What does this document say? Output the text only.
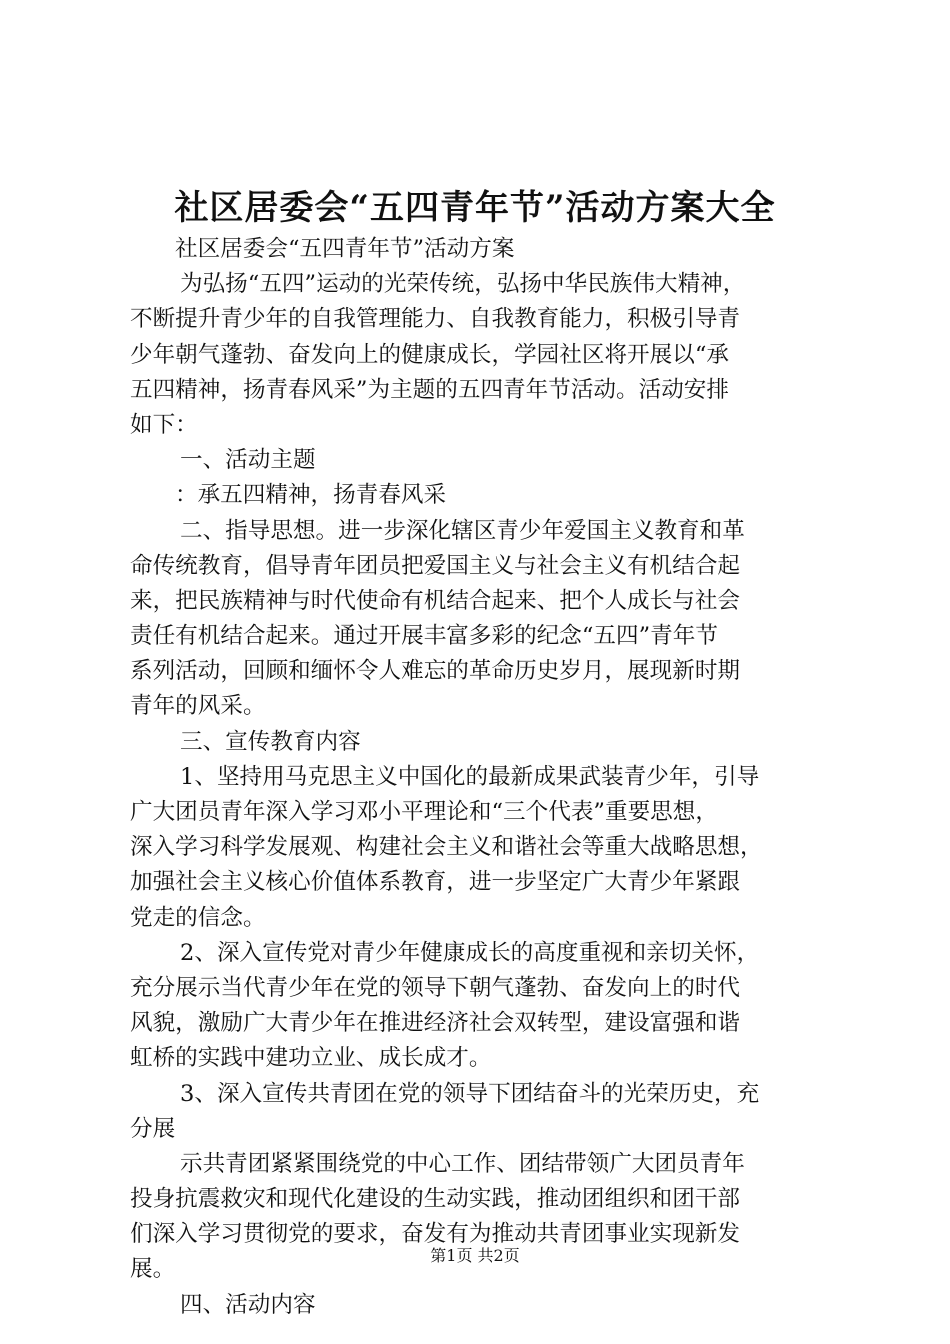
社区居委会“五四青年节”活动方案大全
社区居委会“五四青年节”活动方案
为弘扬“五四”运动的光荣传统，弘扬中华民族伟大精神，
不断提升青少年的自我管理能力、自我教育能力，积极引导青
少年朝气蓬勃、奋发向上的健康成长，学园社区将开展以“承
五四精神，扬青春风采”为主题的五四青年节活动。活动安排
如下：
一、活动主题
：承五四精神，扬青春风采
二、指导思想。进一步深化辖区青少年爱国主义教育和革
命传统教育，倡导青年团员把爱国主义与社会主义有机结合起
来，把民族精神与时代使命有机结合起来、把个人成长与社会
责任有机结合起来。通过开展丰富多彩的纪念“五四”青年节
系列活动，回顾和缅怀令人难忘的革命历史岁月，展现新时期
青年的风采。
三、宣传教育内容
1、坚持用马克思主义中国化的最新成果武装青少年，引导
广大团员青年深入学习邓小平理论和“三个代表”重要思想，
深入学习科学发展观、构建社会主义和谐社会等重大战略思想，
加强社会主义核心价值体系教育，进一步坚定广大青少年紧跟
党走的信念。
2、深入宣传党对青少年健康成长的高度重视和亲切关怀，
充分展示当代青少年在党的领导下朝气蓬勃、奋发向上的时代
风貌，激励广大青少年在推进经济社会双转型，建设富强和谐
虹桥的实践中建功立业、成长成才。
3、深入宣传共青团在党的领导下团结奋斗的光荣历史，充
分展
示共青团紧紧围绕党的中心工作、团结带领广大团员青年
投身抗震救灾和现代化建设的生动实践，推动团组织和团干部
们深入学习贯彻党的要求，奋发有为推动共青团事业实现新发
展。
四、活动内容
第1页 共2页
